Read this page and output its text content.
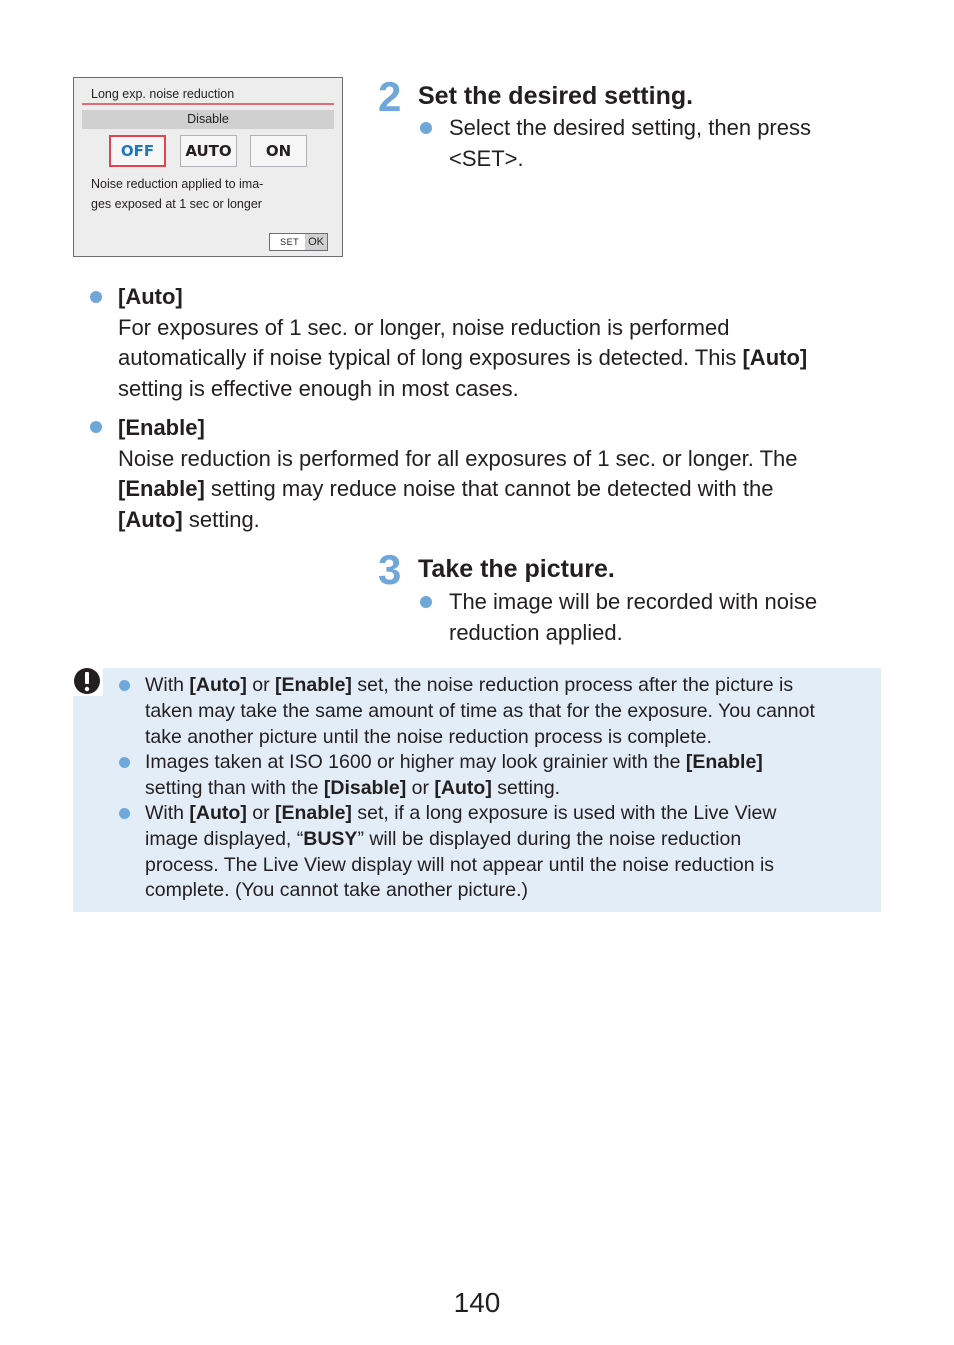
Long exp. noise reduction
Disable
OFF	AUTO	ON
Noise reduction applied to ima-
ges exposed at 1 sec or longer
SET OK
2 Set the desired setting.
Select the desired setting, then press
<SET>.
[Auto]
For exposures of 1 sec. or longer, noise reduction is performed
automatically if noise typical of long exposures is detected. This [Auto]
setting is effective enough in most cases.
[Enable]
Noise reduction is performed for all exposures of 1 sec. or longer. The
[Enable] setting may reduce noise that cannot be detected with the
[Auto] setting.
3 Take the picture.
The image will be recorded with noise
reduction applied.
With [Auto] or [Enable] set, the noise reduction process after the picture is
taken may take the same amount of time as that for the exposure. You cannot
take another picture until the noise reduction process is complete.
Images taken at ISO 1600 or higher may look grainier with the [Enable]
setting than with the [Disable] or [Auto] setting.
With [Auto] or [Enable] set, if a long exposure is used with the Live View
image displayed, “BUSY” will be displayed during the noise reduction
process. The Live View display will not appear until the noise reduction is
complete. (You cannot take another picture.)
140
